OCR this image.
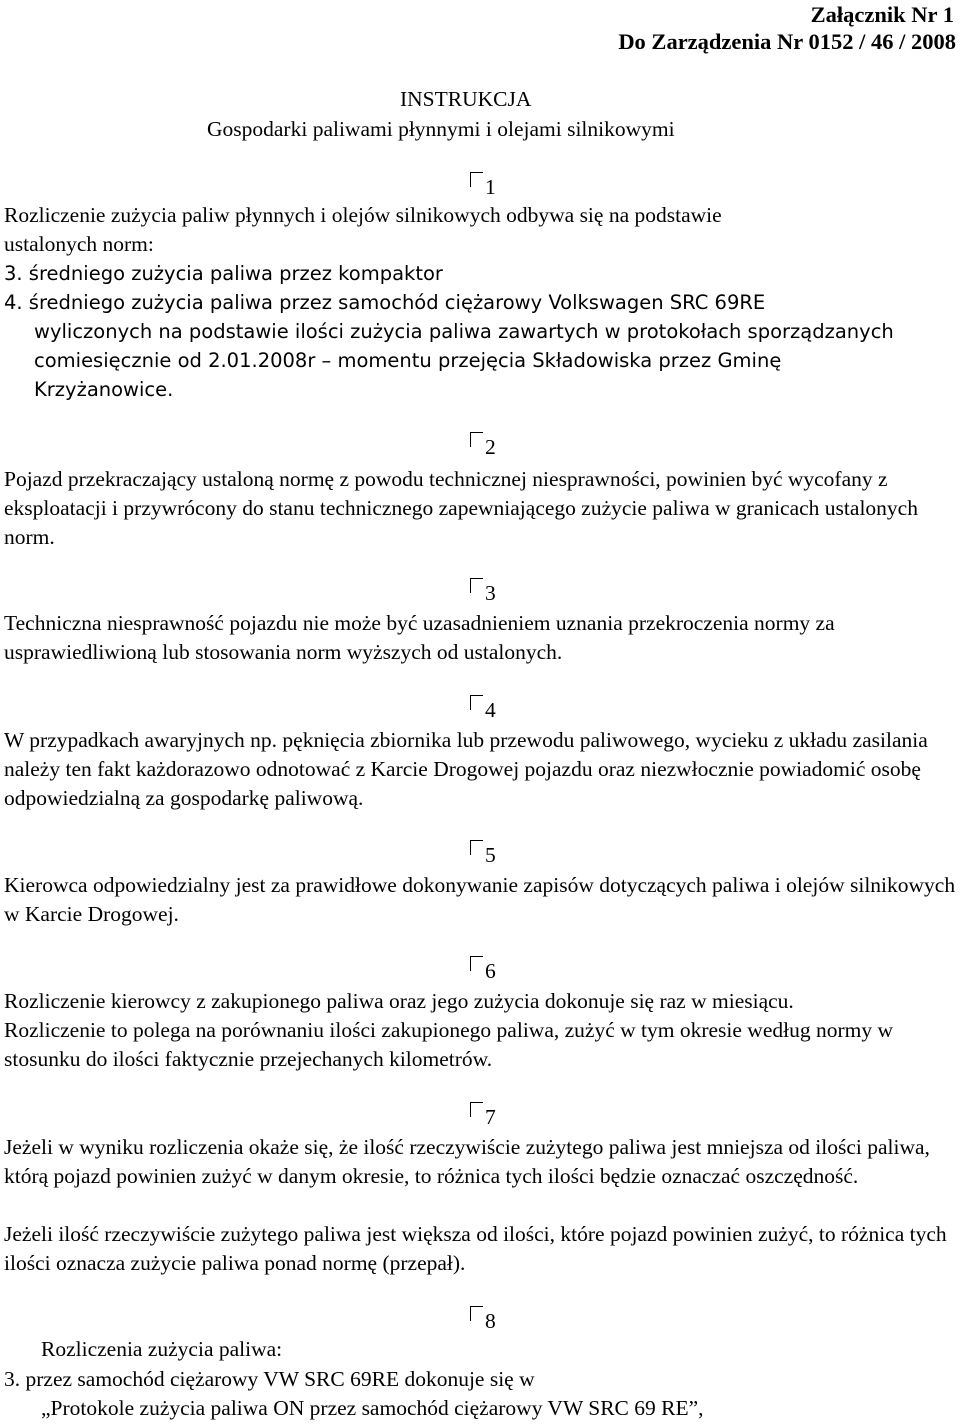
Załącznik Nr 1
Do Zarządzenia Nr 0152 / 46 / 2008
INSTRUKCJA
Gospodarki paliwami płynnymi i olejami silnikowymi
1
Rozliczenie zużycia paliw płynnych i olejów silnikowych odbywa się na podstawie
ustalonych norm:
3. średniego zużycia paliwa przez kompaktor
4. średniego zużycia paliwa przez samochód ciężarowy Volkswagen SRC 69RE
wyliczonych na podstawie ilości zużycia paliwa zawartych w protokołach sporządzanych
comiesięcznie od 2.01.2008r – momentu przejęcia Składowiska przez Gminę
Krzyżanowice.
2
Pojazd przekraczający ustaloną normę z powodu technicznej niesprawności, powinien być wycofany z eksploatacji i przywrócony do stanu technicznego zapewniającego zużycie paliwa w granicach ustalonych norm.
3
Techniczna niesprawność pojazdu nie może być uzasadnieniem uznania przekroczenia normy za usprawiedliwioną lub stosowania norm wyższych od ustalonych.
4
W przypadkach awaryjnych np. pęknięcia zbiornika lub przewodu paliwowego, wycieku z układu zasilania należy ten fakt każdorazowo odnotować z Karcie Drogowej pojazdu oraz niezwłocznie powiadomić osobę odpowiedzialną za gospodarkę paliwową.
5
Kierowca odpowiedzialny jest za prawidłowe dokonywanie zapisów dotyczących paliwa i olejów silnikowych w Karcie Drogowej.
6
Rozliczenie kierowcy z zakupionego paliwa oraz jego zużycia dokonuje się raz w miesiącu.
Rozliczenie to polega na porównaniu ilości zakupionego paliwa, zużyć w tym okresie według normy w stosunku do ilości faktycznie przejechanych kilometrów.
7
Jeżeli w wyniku rozliczenia okaże się, że ilość rzeczywiście zużytego paliwa jest mniejsza od ilości paliwa, którą pojazd powinien zużyć w danym okresie, to różnica tych ilości będzie oznaczać oszczędność.
Jeżeli ilość rzeczywiście zużytego paliwa jest większa od ilości, które pojazd powinien zużyć, to różnica tych ilości oznacza zużycie paliwa ponad normę (przepał).
8
Rozliczenia zużycia paliwa:
3. przez samochód ciężarowy VW SRC 69RE dokonuje się w
„Protokole zużycia paliwa ON przez samochód ciężarowy VW SRC 69 RE”,
